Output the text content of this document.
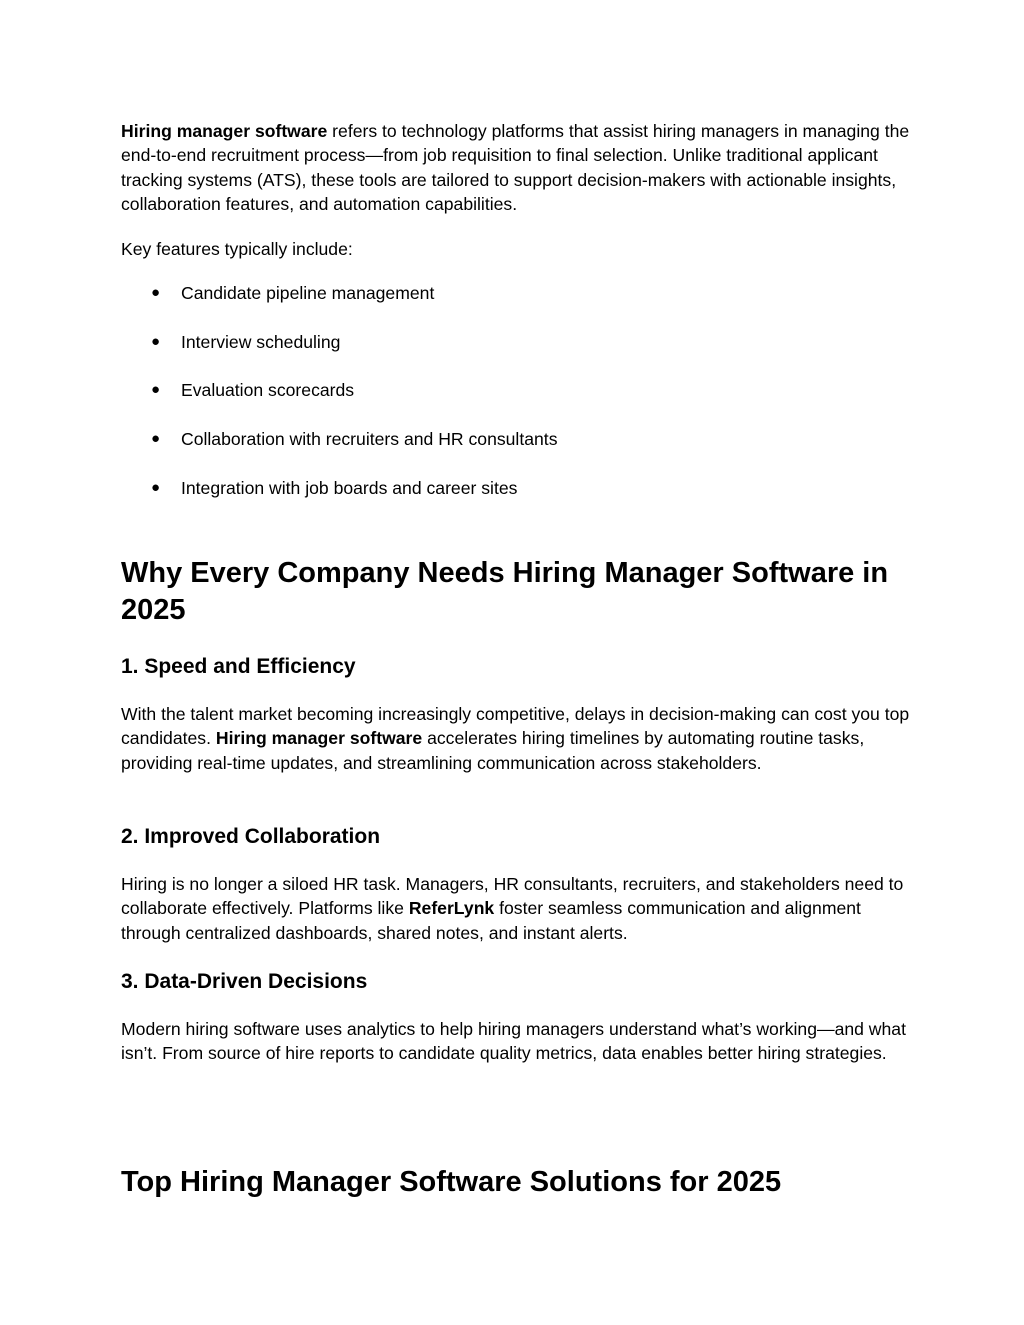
Hiring manager software refers to technology platforms that assist hiring managers in managing the end-to-end recruitment process—from job requisition to final selection. Unlike traditional applicant tracking systems (ATS), these tools are tailored to support decision-makers with actionable insights, collaboration features, and automation capabilities.

Key features typically include:

● Candidate pipeline management
● Interview scheduling
● Evaluation scorecards
● Collaboration with recruiters and HR consultants
● Integration with job boards and career sites
Why Every Company Needs Hiring Manager Software in 2025
1. Speed and Efficiency

With the talent market becoming increasingly competitive, delays in decision-making can cost you top candidates. Hiring manager software accelerates hiring timelines by automating routine tasks, providing real-time updates, and streamlining communication across stakeholders.

2. Improved Collaboration

Hiring is no longer a siloed HR task. Managers, HR consultants, recruiters, and stakeholders need to collaborate effectively. Platforms like ReferLynk foster seamless communication and alignment through centralized dashboards, shared notes, and instant alerts.

3. Data-Driven Decisions

Modern hiring software uses analytics to help hiring managers understand what’s working—and what isn’t. From source of hire reports to candidate quality metrics, data enables better hiring strategies.

Top Hiring Manager Software Solutions for 2025
